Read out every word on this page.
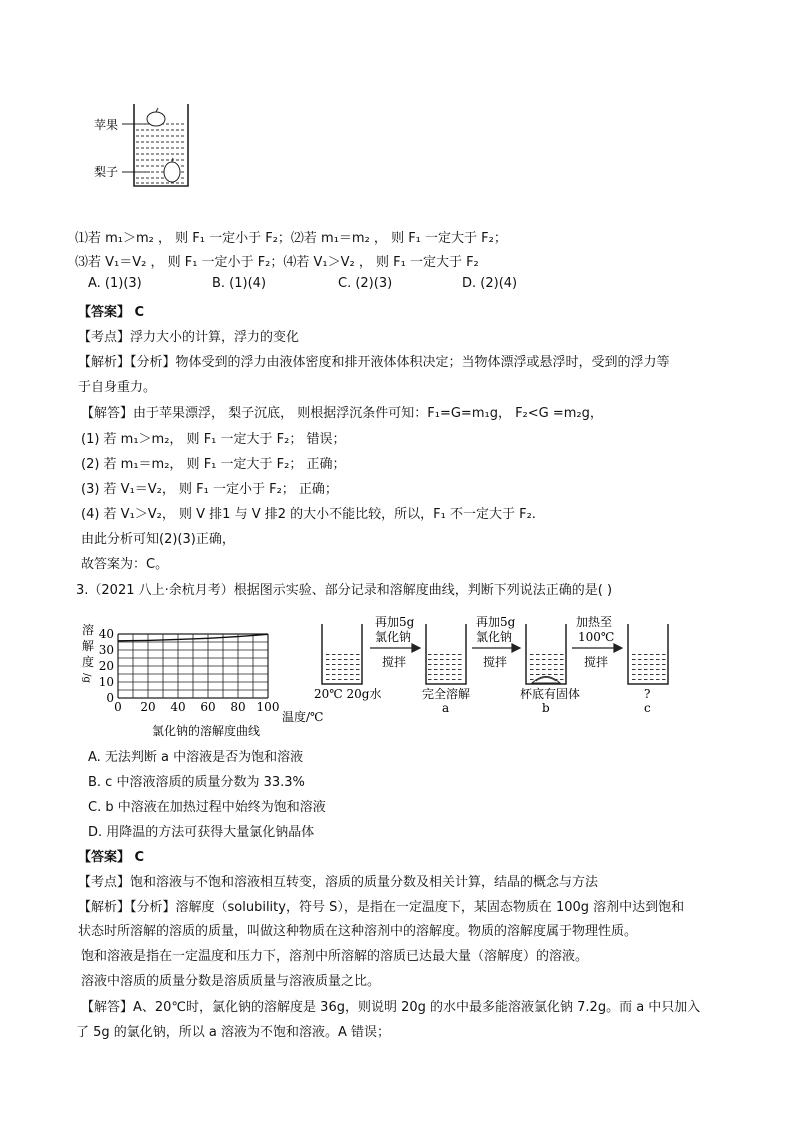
苹果
梨子
⑴若 m₁＞m₂ ， 则 F₁ 一定小于 F₂；⑵若 m₁＝m₂ ， 则 F₁ 一定大于 F₂；
⑶若 V₁＝V₂ ， 则 F₁ 一定小于 F₂；⑷若 V₁＞V₂ ， 则 F₁ 一定大于 F₂
A. (1)(3)	B. (1)(4)	C. (2)(3)	D. (2)(4)
【答案】 C
【考点】浮力大小的计算，浮力的变化
【解析】【分析】物体受到的浮力由液体密度和排开液体体积决定；当物体漂浮或悬浮时，受到的浮力等
于自身重力。
【解答】由于苹果漂浮， 梨子沉底， 则根据浮沉条件可知：F₁=G=m₁g， F₂<G =m₂g，
(1) 若 m₁＞m₂， 则 F₁ 一定大于 F₂； 错误；
(2) 若 m₁＝m₂， 则 F₁ 一定大于 F₂； 正确；
(3) 若 V₁＝V₂， 则 F₁ 一定小于 F₂； 正确；
(4) 若 V₁＞V₂， 则 V 排1 与 V 排2 的大小不能比较，所以，F₁ 不一定大于 F₂.
由此分析可知(2)(3)正确，
故答案为：C。
3.（2021 八上·余杭月考）根据图示实验、部分记录和溶解度曲线，判断下列说法正确的是( )
溶
解
度
/g
0 20 40 60 80 100
0
10
20
30
40
温度/℃
氯化钠的溶解度曲线
再加5g
氯化钠
搅拌
再加5g
氯化钠
搅拌
加热至
100℃
搅拌
20℃ 20g水	完全溶解
a
杯底有固体
b
?
c
A. 无法判断 a 中溶液是否为饱和溶液
B. c 中溶液溶质的质量分数为 33.3%
C. b 中溶液在加热过程中始终为饱和溶液
D. 用降温的方法可获得大量氯化钠晶体
【答案】 C
【考点】饱和溶液与不饱和溶液相互转变，溶质的质量分数及相关计算，结晶的概念与方法
【解析】【分析】溶解度（solubility，符号 S），是指在一定温度下，某固态物质在 100g 溶剂中达到饱和
状态时所溶解的溶质的质量，叫做这种物质在这种溶剂中的溶解度。物质的溶解度属于物理性质。
饱和溶液是指在一定温度和压力下，溶剂中所溶解的溶质已达最大量（溶解度）的溶液。
溶液中溶质的质量分数是溶质质量与溶液质量之比。
【解答】A、20℃时，氯化钠的溶解度是 36g，则说明 20g 的水中最多能溶液氯化钠 7.2g。而 a 中只加入
了 5g 的氯化钠，所以 a 溶液为不饱和溶液。A 错误；
